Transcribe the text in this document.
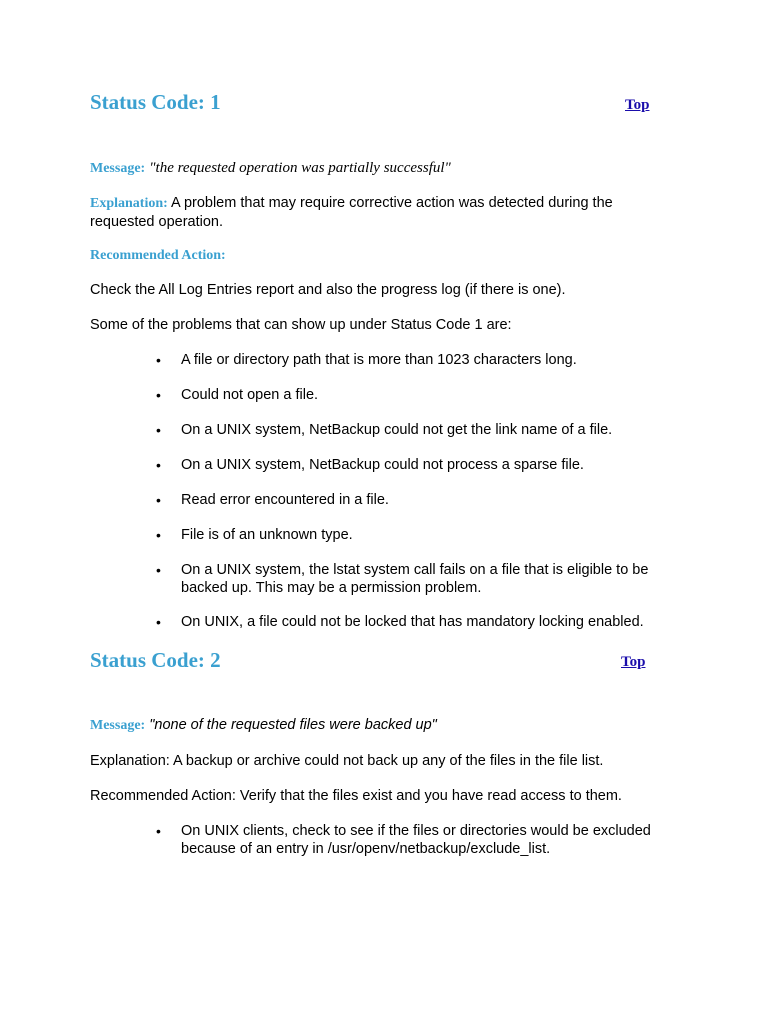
Status Code: 1	Top

Message: "the requested operation was partially successful"

Explanation: A problem that may require corrective action was detected during the requested operation.

Recommended Action:

Check the All Log Entries report and also the progress log (if there is one).

Some of the problems that can show up under Status Code 1 are:

• A file or directory path that is more than 1023 characters long.
• Could not open a file.
• On a UNIX system, NetBackup could not get the link name of a file.
• On a UNIX system, NetBackup could not process a sparse file.
• Read error encountered in a file.
• File is of an unknown type.
• On a UNIX system, the lstat system call fails on a file that is eligible to be
backed up. This may be a permission problem.
• On UNIX, a file could not be locked that has mandatory locking enabled.
Status Code: 2	Top

Message: "none of the requested files were backed up"

Explanation: A backup or archive could not back up any of the files in the file list.

Recommended Action: Verify that the files exist and you have read access to them.

• On UNIX clients, check to see if the files or directories would be excluded
because of an entry in /usr/openv/netbackup/exclude_list.
